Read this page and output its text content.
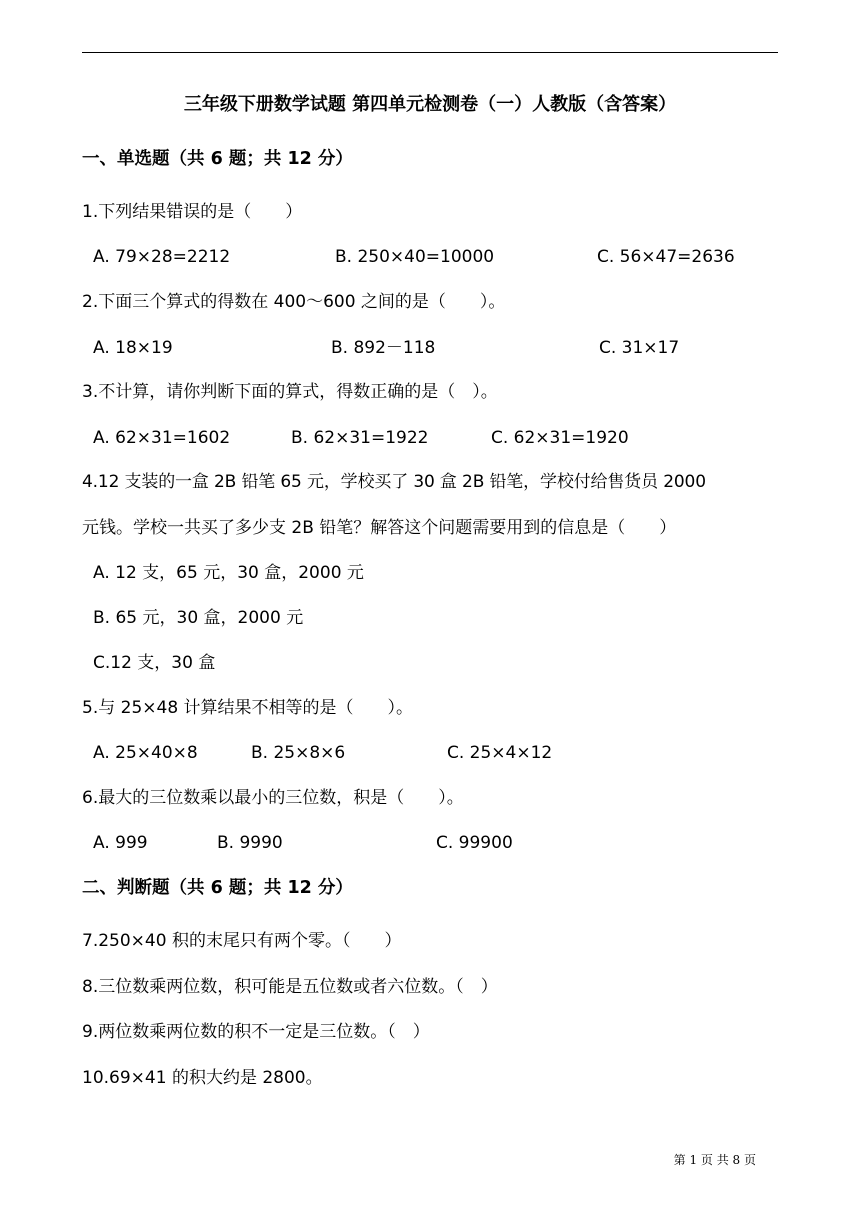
三年级下册数学试题 第四单元检测卷（一）人教版（含答案）
一、单选题（共 6 题；共 12 分）
1.下列结果错误的是（　　）
A. 79×28=2212	B. 250×40=10000	C. 56×47=2636
2.下面三个算式的得数在 400～600 之间的是（　　）。
A. 18×19	B. 892－118	C. 31×17
3.不计算，请你判断下面的算式，得数正确的是（　）。
A. 62×31=1602	B. 62×31=1922	C. 62×31=1920
4.12 支装的一盒 2B 铅笔 65 元，学校买了 30 盒 2B 铅笔，学校付给售货员 2000
元钱。学校一共买了多少支 2B 铅笔？解答这个问题需要用到的信息是（　　）
A. 12 支，65 元，30 盒，2000 元
B. 65 元，30 盒，2000 元
C.12 支，30 盒
5.与 25×48 计算结果不相等的是（　　）。
A. 25×40×8	B. 25×8×6	C. 25×4×12
6.最大的三位数乘以最小的三位数，积是（　　）。
A. 999	B. 9990	C. 99900
二、判断题（共 6 题；共 12 分）
7.250×40 积的末尾只有两个零。（　　）
8.三位数乘两位数，积可能是五位数或者六位数。（　）
9.两位数乘两位数的积不一定是三位数。（　）
10.69×41 的积大约是 2800。
第 1 页 共 8 页
